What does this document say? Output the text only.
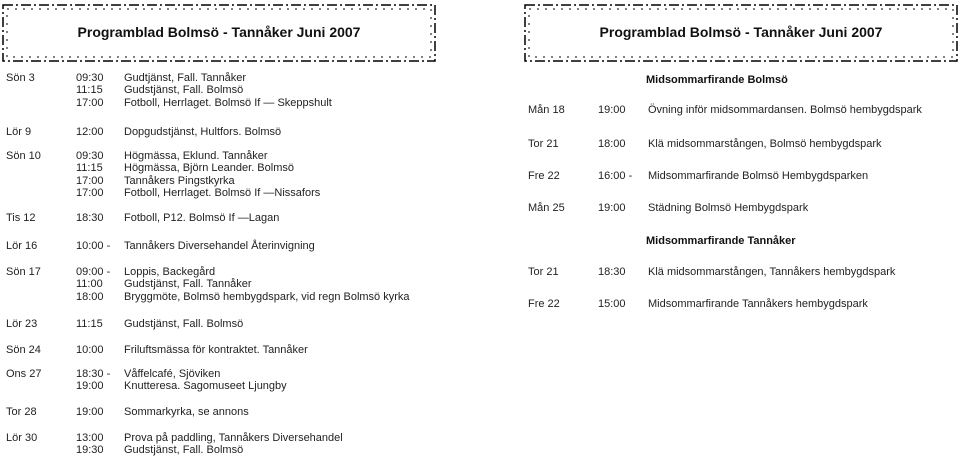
Programblad Bolmsö - Tannåker Juni 2007	Programblad Bolmsö - Tannåker Juni 2007
Sön 3	09:30 Gudtjänst, Fall. Tannåker
11:15 Gudstjänst, Fall. Bolmsö
17:00 Fotboll, Herrlaget. Bolmsö If — Skeppshult
Lör 9	12:00 Dopgudstjänst, Hultfors. Bolmsö
Sön 10	09:30 Högmässa, Eklund. Tannåker
11:15 Högmässa, Björn Leander. Bolmsö
17:00 Tannåkers Pingstkyrka
17:00 Fotboll, Herrlaget. Bolmsö If —Nissafors
Tis 12	18:30 Fotboll, P12. Bolmsö If —Lagan
Lör 16	10:00 - Tannåkers Diversehandel Återinvigning
Sön 17	09:00 - Loppis, Backegård
11:00 Gudstjänst, Fall. Tannåker
18:00 Bryggmöte, Bolmsö hembygdspark, vid regn Bolmsö kyrka
Lör 23	11:15 Gudstjänst, Fall. Bolmsö
Sön 24	10:00 Friluftsmässa för kontraktet. Tannåker
Ons 27	18:30 - Våffelcafé, Sjöviken
19:00 Knutteresa. Sagomuseet Ljungby
Tor 28	19:00 Sommarkyrka, se annons
Lör 30	13:00 Prova på paddling, Tannåkers Diversehandel
19:30 Gudstjänst, Fall. Bolmsö
Midsommarfirande Bolmsö
Mån 18	19:00 Övning inför midsommardansen. Bolmsö hembygdspark
Tor 21	18:00 Klä midsommarstången, Bolmsö hembygdspark
Fre 22	16:00 - Midsommarfirande Bolmsö Hembygdsparken
Mån 25	19:00 Städning Bolmsö Hembygdspark
Midsommarfirande Tannåker
Tor 21	18:30 Klä midsommarstången, Tannåkers hembygdspark
Fre 22	15:00 Midsommarfirande Tannåkers hembygdspark
